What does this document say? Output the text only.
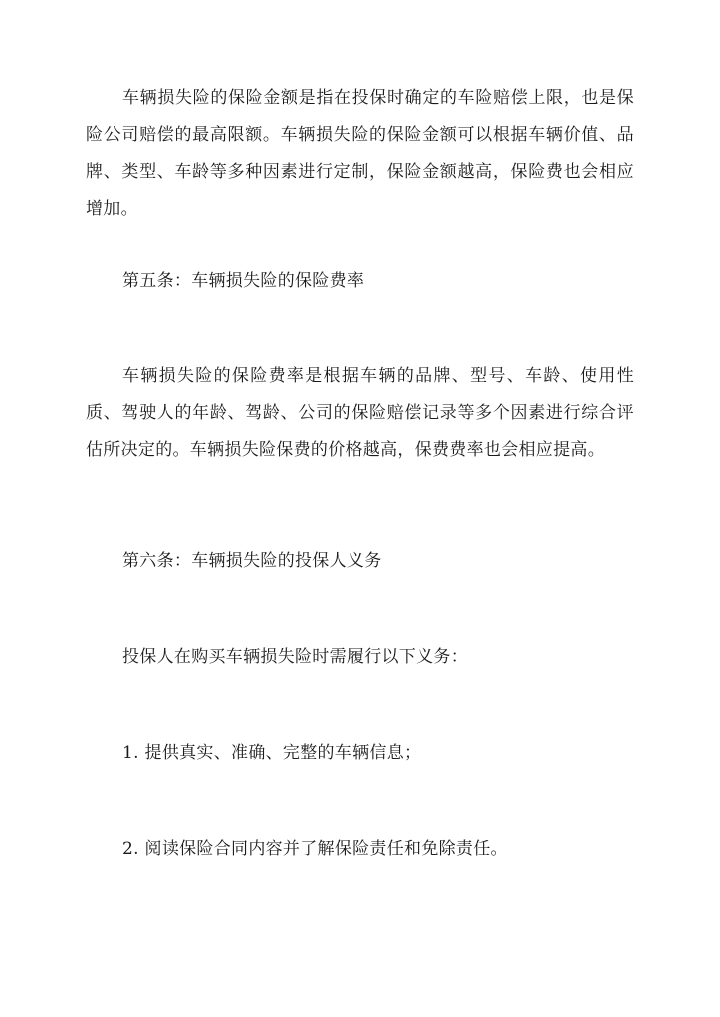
车辆损失险的保险金额是指在投保时确定的车险赔偿上限，也是保险公司赔偿的最高限额。车辆损失险的保险金额可以根据车辆价值、品牌、类型、车龄等多种因素进行定制，保险金额越高，保险费也会相应增加。

第五条：车辆损失险的保险费率

车辆损失险的保险费率是根据车辆的品牌、型号、车龄、使用性质、驾驶人的年龄、驾龄、公司的保险赔偿记录等多个因素进行综合评估所决定的。车辆损失险保费的价格越高，保费费率也会相应提高。

第六条：车辆损失险的投保人义务

投保人在购买车辆损失险时需履行以下义务：

1. 提供真实、准确、完整的车辆信息；

2. 阅读保险合同内容并了解保险责任和免除责任。
